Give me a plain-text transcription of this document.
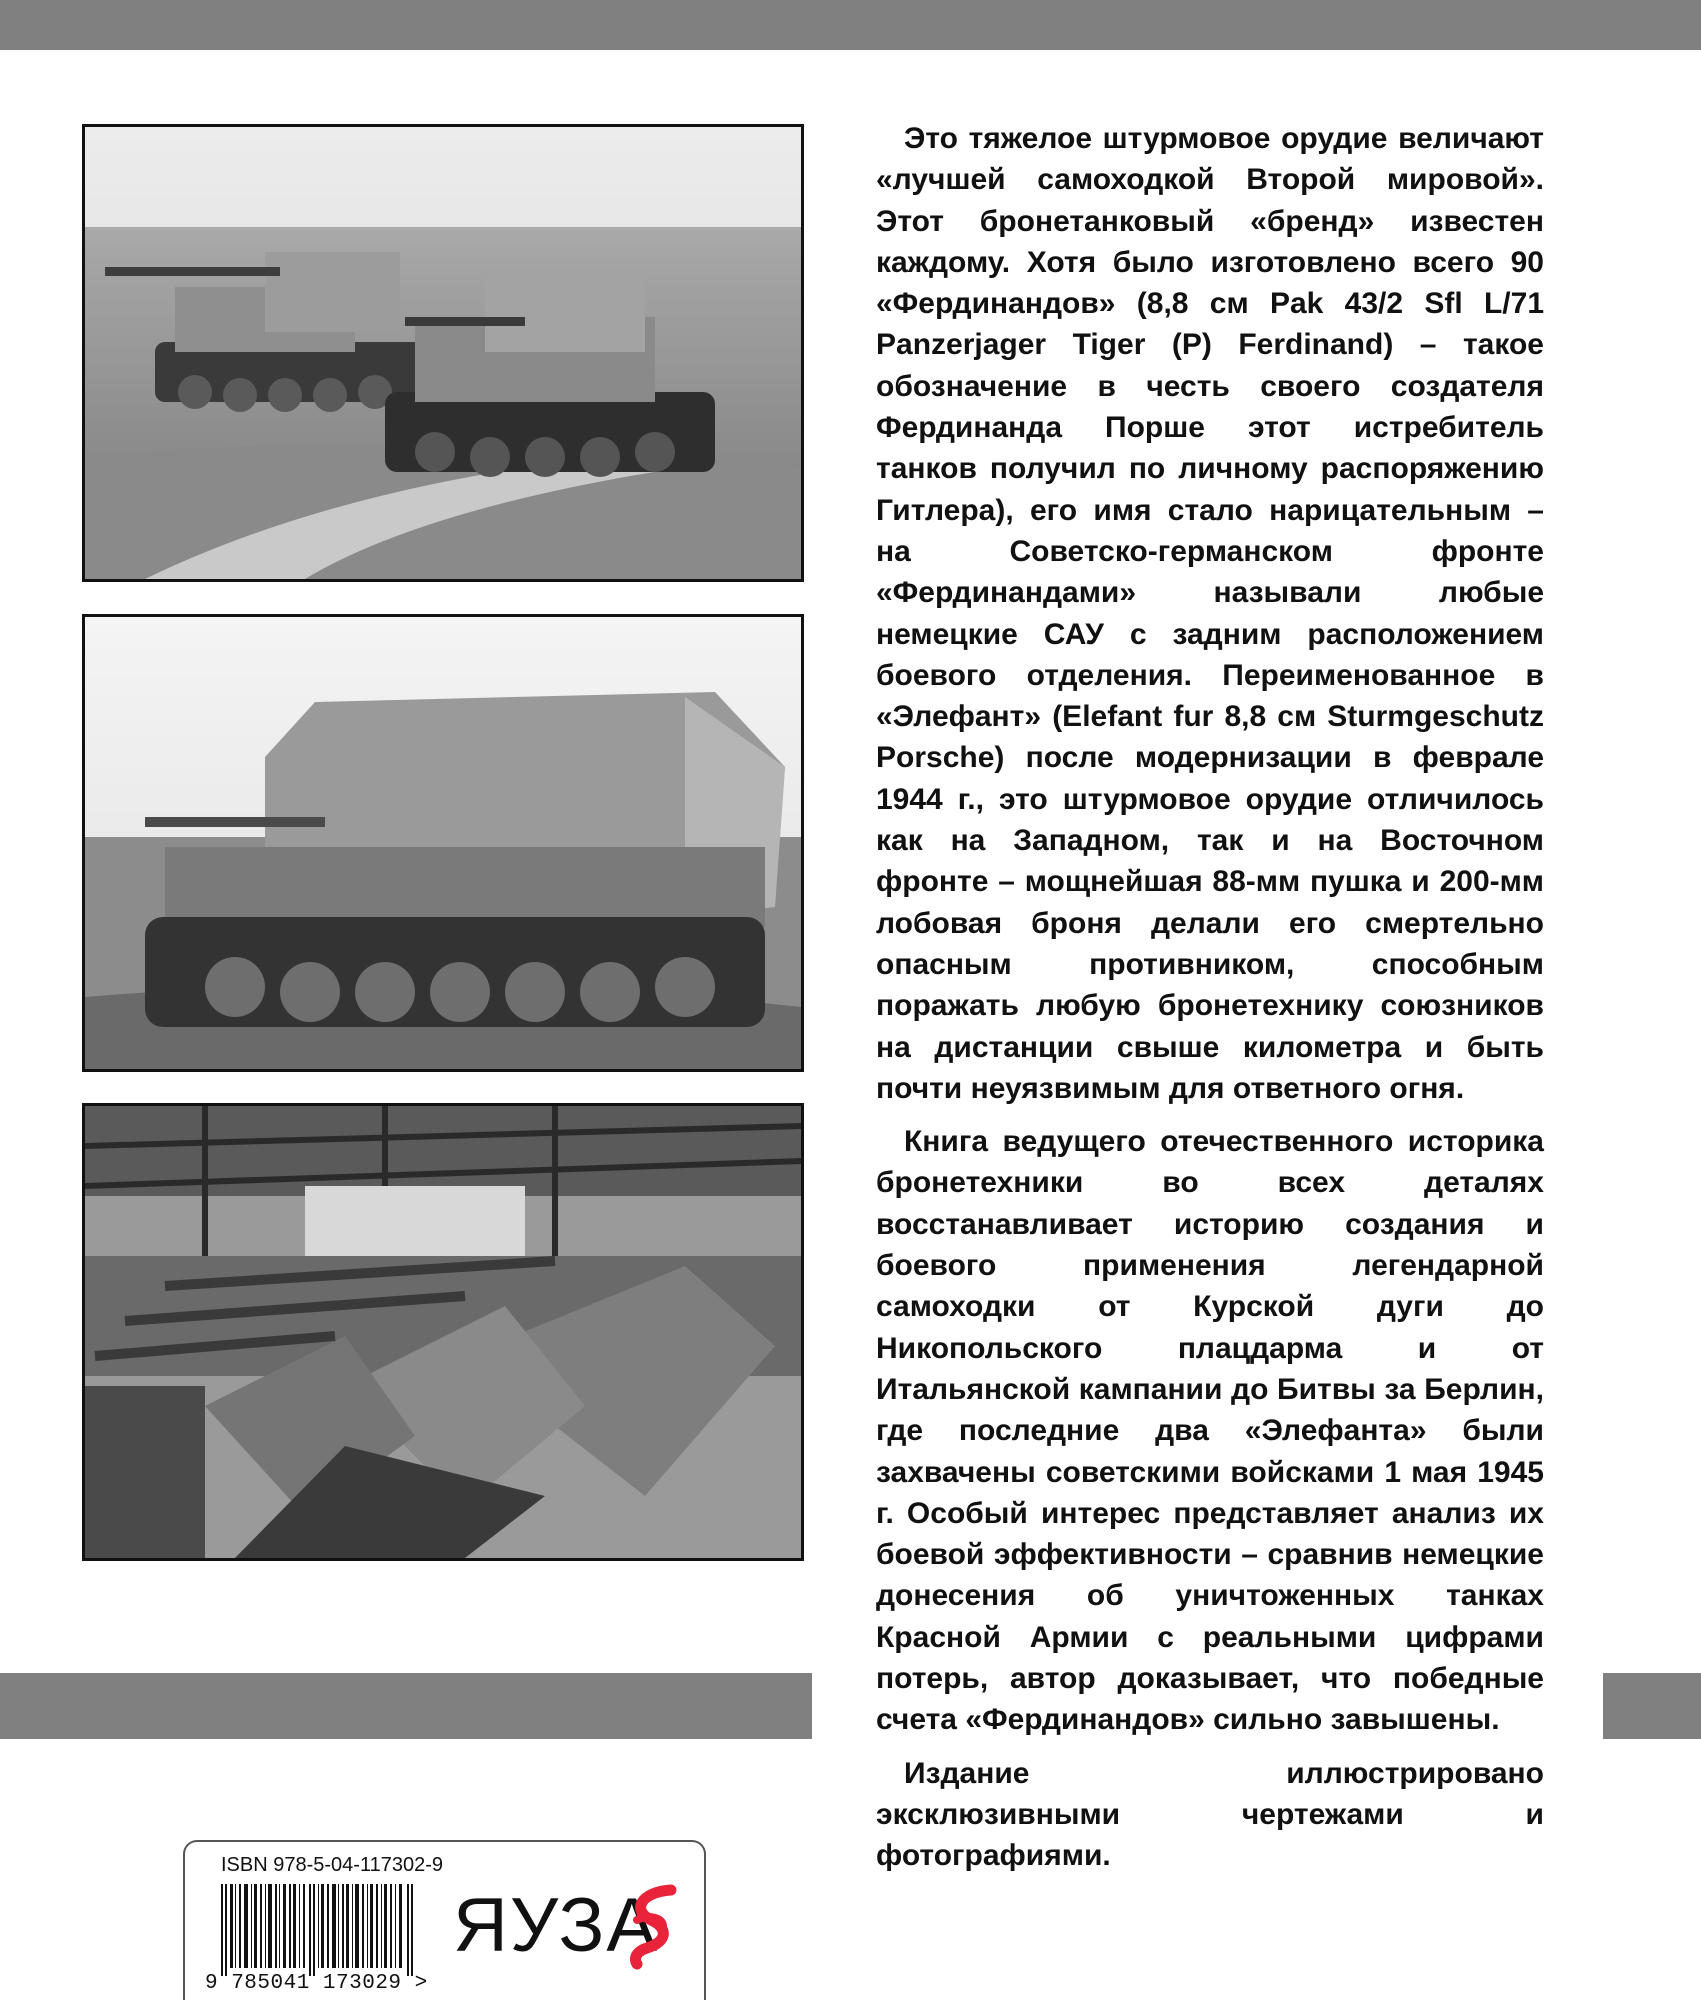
Это тяжелое штурмовое орудие величают «лучшей самоходкой Второй мировой». Этот бронетанковый «бренд» известен каждому. Хотя было изготовлено всего 90 «Фердинандов» (8,8 см Pak 43/2 Sfl L/71 Panzerjager Tiger (P) Ferdinand) – такое обозначение в честь своего создателя Фердинанда Порше этот истребитель танков получил по личному распоряжению Гитлера), его имя стало нарицательным – на Советско-германском фронте «Фердинандами» называли любые немецкие САУ с задним расположением боевого отделения. Переименованное в «Элефант» (Elefant fur 8,8 cм Sturmgeschutz Porsche) после модернизации в феврале 1944 г., это штурмовое орудие отличилось как на Западном, так и на Восточном фронте – мощнейшая 88-мм пушка и 200-мм лобовая броня делали его смертельно опасным противником, способным поражать любую бронетехнику союзников на дистанции свыше километра и быть почти неуязвимым для ответного огня.

Книга ведущего отечественного историка бронетехники во всех деталях восстанавливает историю создания и боевого применения легендарной самоходки от Курской дуги до Никопольского плацдарма и от Итальянской кампании до Битвы за Берлин, где последние два «Элефанта» были захвачены советскими войсками 1 мая 1945 г. Особый интерес представляет анализ их боевой эффективности – сравнив немецкие донесения об уничтоженных танках Красной Армии с реальными цифрами потерь, автор доказывает, что победные счета «Фердинандов» сильно завышены.

Издание иллюстрировано эксклюзивными чертежами и фотографиями.

ISBN 978-5-04-117302-9
9 785041 173029 >
ЯУЗА
